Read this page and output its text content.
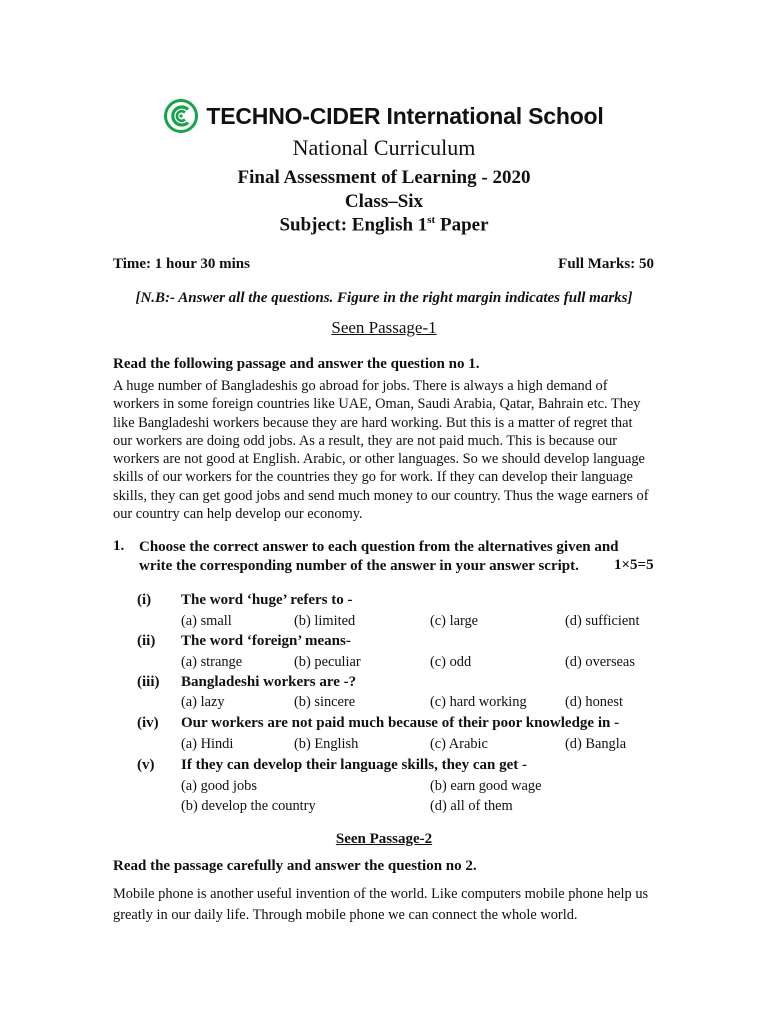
TECHNO-CIDER International School
National Curriculum
Final Assessment of Learning - 2020
Class–Six
Subject: English 1st Paper
Time: 1 hour 30 mins	Full Marks: 50
[N.B:- Answer all the questions. Figure in the right margin indicates full marks]
Seen Passage-1
Read the following passage and answer the question no 1.

A huge number of Bangladeshis go abroad for jobs. There is always a high demand of workers in some foreign countries like UAE, Oman, Saudi Arabia, Qatar, Bahrain etc. They like Bangladeshi workers because they are hard working. But this is a matter of regret that our workers are doing odd jobs. As a result, they are not paid much. This is because our workers are not good at English. Arabic, or other languages. So we should develop language skills of our workers for the countries they go for work. If they can develop their language skills, they can get good jobs and send much money to our country. Thus the wage earners of our country can help develop our economy.

1. Choose the correct answer to each question from the alternatives given and write the corresponding number of the answer in your answer script.	1×5=5
(i) The word ‘huge’ refers to -
(a) small	(b) limited	(c) large	(d) sufficient
(ii) The word ‘foreign’ means-
(a) strange	(b) peculiar	(c) odd	(d) overseas
(iii) Bangladeshi workers are -?
(a) lazy	(b) sincere	(c) hard working	(d) honest
(iv) Our workers are not paid much because of their poor knowledge in -
(a) Hindi	(b) English	(c) Arabic	(d) Bangla
(v) If they can develop their language skills, they can get -
(a) good jobs	(b) earn good wage
(b) develop the country	(d) all of them
Seen Passage-2
Read the passage carefully and answer the question no 2.

Mobile phone is another useful invention of the world. Like computers mobile phone help us greatly in our daily life. Through mobile phone we can connect the whole world.
